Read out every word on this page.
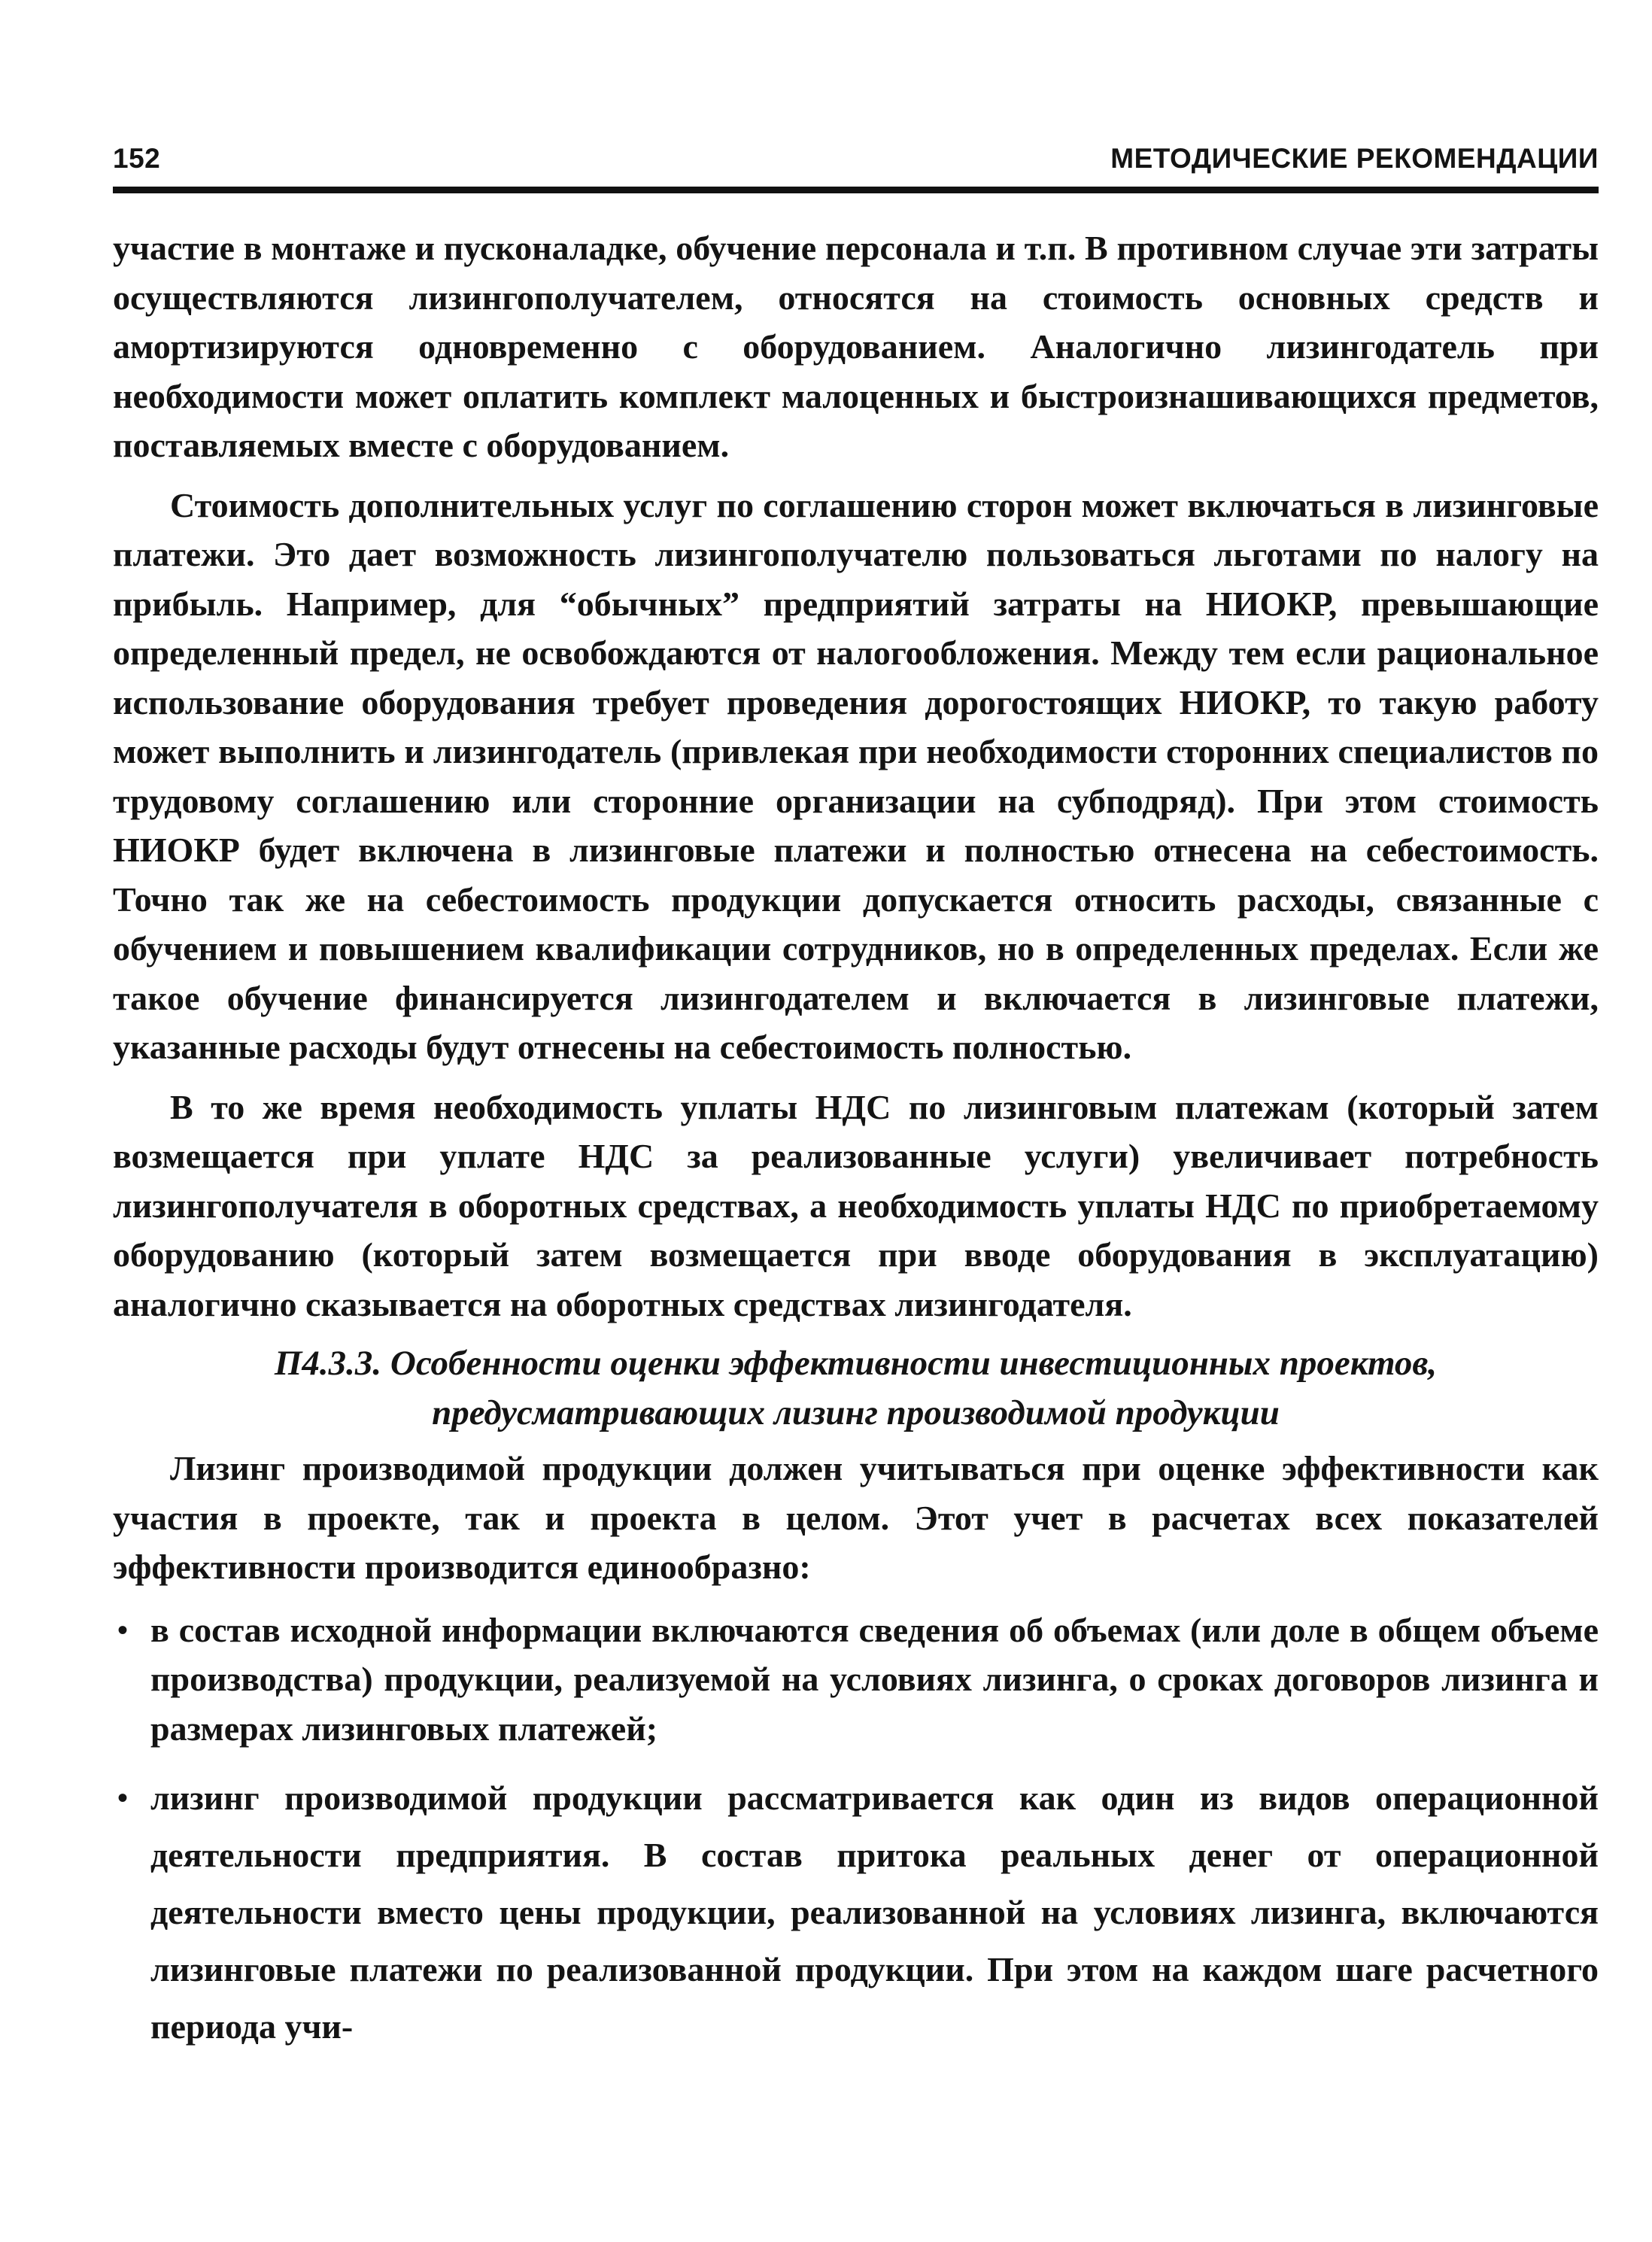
152	МЕТОДИЧЕСКИЕ РЕКОМЕНДАЦИИ

участие в монтаже и пусконаладке, обучение персонала и т.п. В противном случае эти затраты осуществляются лизингополучателем, относятся на стоимость основных средств и амортизируются одновременно с оборудованием. Аналогично лизингодатель при необходимости может оплатить комплект малоценных и быстроизнашивающихся предметов, поставляемых вместе с оборудованием.

Стоимость дополнительных услуг по соглашению сторон может включаться в лизинговые платежи. Это дает возможность лизингополучателю пользоваться льготами по налогу на прибыль. Например, для “обычных” предприятий затраты на НИОКР, превышающие определенный предел, не освобождаются от налогообложения. Между тем если рациональное использование оборудования требует проведения дорогостоящих НИОКР, то такую работу может выполнить и лизингодатель (привлекая при необходимости сторонних специалистов по трудовому соглашению или сторонние организации на субподряд). При этом стоимость НИОКР будет включена в лизинговые платежи и полностью отнесена на себестоимость. Точно так же на себестоимость продукции допускается относить расходы, связанные с обучением и повышением квалификации сотрудников, но в определенных пределах. Если же такое обучение финансируется лизингодателем и включается в лизинговые платежи, указанные расходы будут отнесены на себестоимость полностью.

В то же время необходимость уплаты НДС по лизинговым платежам (который затем возмещается при уплате НДС за реализованные услуги) увеличивает потребность лизингополучателя в оборотных средствах, а необходимость уплаты НДС по приобретаемому оборудованию (который затем возмещается при вводе оборудования в эксплуатацию) аналогично сказывается на оборотных средствах лизингодателя.

П4.3.3. Особенности оценки эффективности инвестиционных проектов,
предусматривающих лизинг производимой продукции

Лизинг производимой продукции должен учитываться при оценке эффективности как участия в проекте, так и проекта в целом. Этот учет в расчетах всех показателей эффективности производится единообразно:

• в состав исходной информации включаются сведения об объемах (или доле в общем объеме производства) продукции, реализуемой на условиях лизинга, о сроках договоров лизинга и размерах лизинговых платежей;
• лизинг производимой продукции рассматривается как один из видов операционной деятельности предприятия. В состав притока реальных денег от операционной деятельности вместо цены продукции, реализованной на условиях лизинга, включаются лизинговые платежи по реализованной продукции. При этом на каждом шаге расчетного периода учи-
